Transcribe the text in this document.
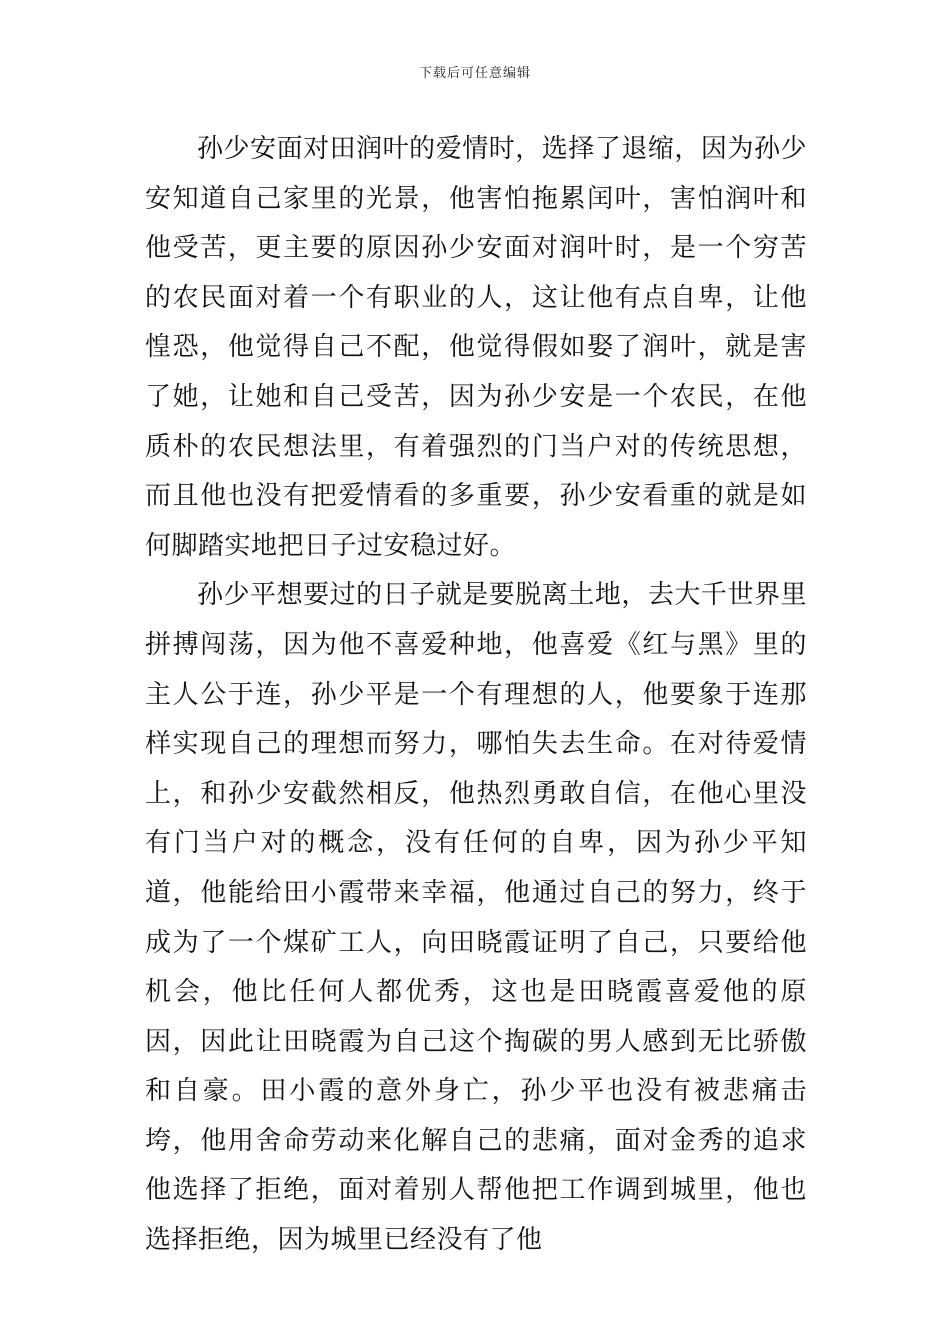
下载后可任意编辑

孙少安面对田润叶的爱情时，选择了退缩，因为孙少安知道自己家里的光景，他害怕拖累闰叶，害怕润叶和他受苦，更主要的原因孙少安面对润叶时，是一个穷苦的农民面对着一个有职业的人，这让他有点自卑，让他惶恐，他觉得自己不配，他觉得假如娶了润叶，就是害了她，让她和自己受苦，因为孙少安是一个农民，在他质朴的农民想法里，有着强烈的门当户对的传统思想，而且他也没有把爱情看的多重要，孙少安看重的就是如何脚踏实地把日子过安稳过好。

孙少平想要过的日子就是要脱离土地，去大千世界里拼搏闯荡，因为他不喜爱种地，他喜爱《红与黑》里的主人公于连，孙少平是一个有理想的人，他要象于连那样实现自己的理想而努力，哪怕失去生命。在对待爱情上，和孙少安截然相反，他热烈勇敢自信，在他心里没有门当户对的概念，没有任何的自卑，因为孙少平知道，他能给田小霞带来幸福，他通过自己的努力，终于成为了一个煤矿工人，向田晓霞证明了自己，只要给他机会，他比任何人都优秀，这也是田晓霞喜爱他的原因，因此让田晓霞为自己这个掏碳的男人感到无比骄傲和自豪。田小霞的意外身亡，孙少平也没有被悲痛击垮，他用舍命劳动来化解自己的悲痛，面对金秀的追求他选择了拒绝，面对着别人帮他把工作调到城里，他也选择拒绝，因为城里已经没有了他
